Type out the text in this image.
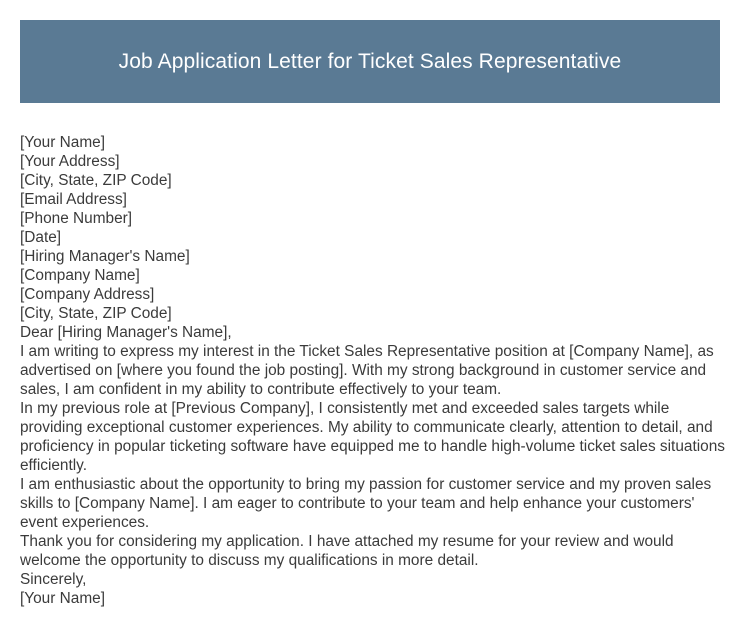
Job Application Letter for Ticket Sales Representative
[Your Name]
[Your Address]
[City, State, ZIP Code]
[Email Address]
[Phone Number]
[Date]
[Hiring Manager's Name]
[Company Name]
[Company Address]
[City, State, ZIP Code]
Dear [Hiring Manager's Name],
I am writing to express my interest in the Ticket Sales Representative position at [Company Name], as advertised on [where you found the job posting]. With my strong background in customer service and sales, I am confident in my ability to contribute effectively to your team.
In my previous role at [Previous Company], I consistently met and exceeded sales targets while providing exceptional customer experiences. My ability to communicate clearly, attention to detail, and proficiency in popular ticketing software have equipped me to handle high-volume ticket sales situations efficiently.
I am enthusiastic about the opportunity to bring my passion for customer service and my proven sales skills to [Company Name]. I am eager to contribute to your team and help enhance your customers' event experiences.
Thank you for considering my application. I have attached my resume for your review and would welcome the opportunity to discuss my qualifications in more detail.
Sincerely,
[Your Name]
